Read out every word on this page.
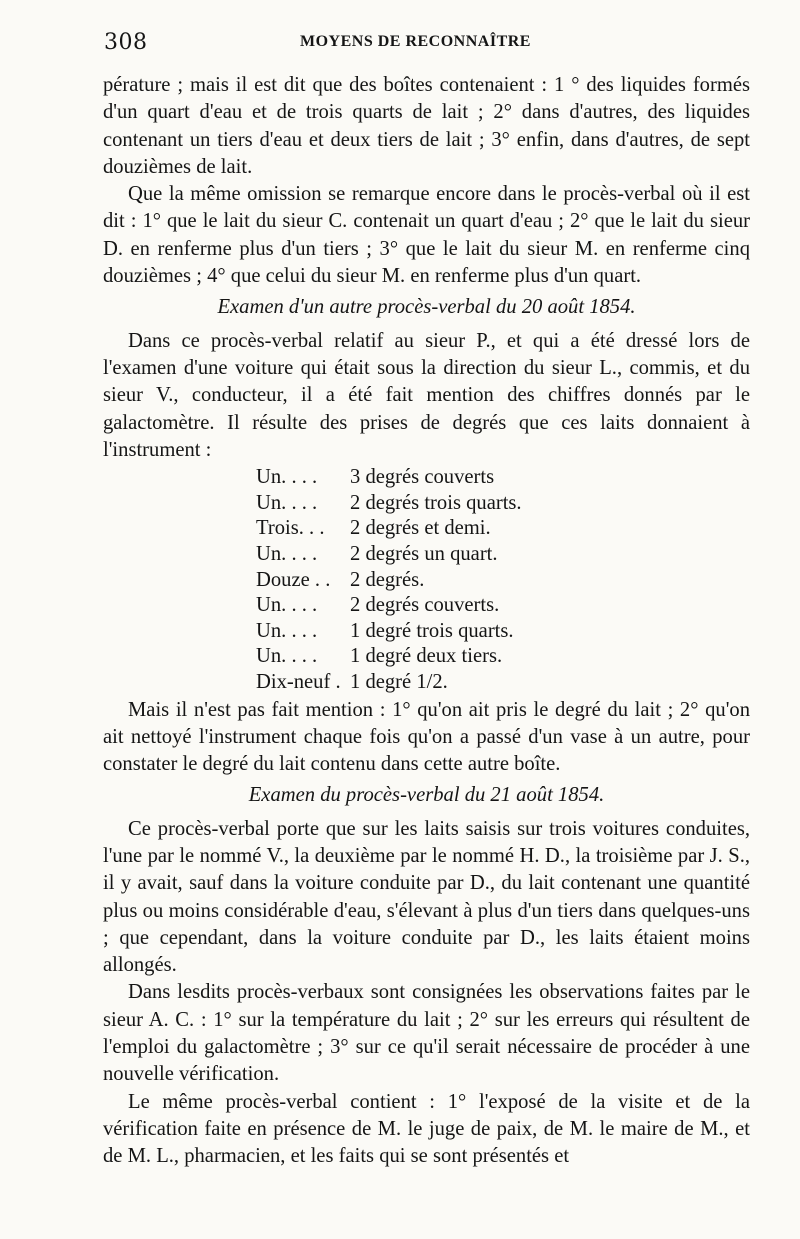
308	MOYENS DE RECONNAÎTRE

pérature ; mais il est dit que des boîtes contenaient : 1 ° des liquides formés d'un quart d'eau et de trois quarts de lait ; 2° dans d'autres, des liquides contenant un tiers d'eau et deux tiers de lait ; 3° enfin, dans d'autres, de sept douzièmes de lait.

Que la même omission se remarque encore dans le procès-verbal où il est dit : 1° que le lait du sieur C. contenait un quart d'eau ; 2° que le lait du sieur D. en renferme plus d'un tiers ; 3° que le lait du sieur M. en renferme cinq douzièmes ; 4° que celui du sieur M. en renferme plus d'un quart.

Examen d'un autre procès-verbal du 20 août 1854.

Dans ce procès-verbal relatif au sieur P., et qui a été dressé lors de l'examen d'une voiture qui était sous la direction du sieur L., commis, et du sieur V., conducteur, il a été fait mention des chiffres donnés par le galactomètre. Il résulte des prises de degrés que ces laits donnaient à l'instrument :

Un. . . .	3 degrés couverts
Un. . . .	2 degrés trois quarts.
Trois. . .	2 degrés et demi.
Un. . . .	2 degrés un quart.
Douze . . 2 degrés.
Un. . . .	2 degrés couverts.
Un. . . .	1 degré trois quarts.
Un. . . .	1 degré deux tiers.
Dix-neuf . 1 degré 1/2.

Mais il n'est pas fait mention : 1° qu'on ait pris le degré du lait ; 2° qu'on ait nettoyé l'instrument chaque fois qu'on a passé d'un vase à un autre, pour constater le degré du lait contenu dans cette autre boîte.

Examen du procès-verbal du 21 août 1854.

Ce procès-verbal porte que sur les laits saisis sur trois voitures conduites, l'une par le nommé V., la deuxième par le nommé H. D., la troisième par J. S., il y avait, sauf dans la voiture conduite par D., du lait contenant une quantité plus ou moins considérable d'eau, s'élevant à plus d'un tiers dans quelques-uns ; que cependant, dans la voiture conduite par D., les laits étaient moins allongés.

Dans lesdits procès-verbaux sont consignées les observations faites par le sieur A. C. : 1° sur la température du lait ; 2° sur les erreurs qui résultent de l'emploi du galactomètre ; 3° sur ce qu'il serait nécessaire de procéder à une nouvelle vérification.

Le même procès-verbal contient : 1° l'exposé de la visite et de la vérification faite en présence de M. le juge de paix, de M. le maire de M., et de M. L., pharmacien, et les faits qui se sont présentés et
